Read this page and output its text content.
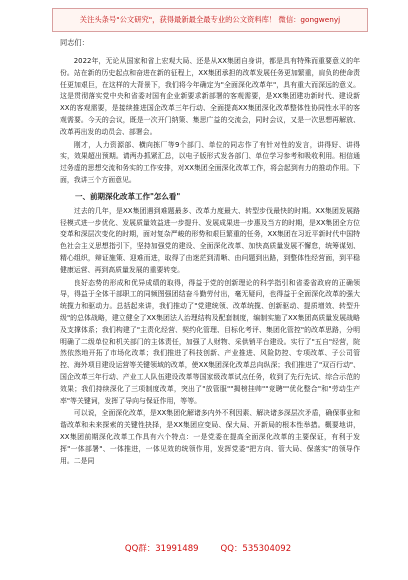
关注头条号"公文研究"，获得最新最全最专业的公文资料库！ 微信：gongwenyj
同志们：

2022年，无论从国家和省上宏观大局、还是从XX集团自身讲，都是具有特殊而重要意义的年份。站在新的历史起点和奋进在新的征程上，XX集团承担的改革发展任务更加繁重，肩负的使命责任更加艰巨，在这样的大背景下，我们将今年确定为"全面深化改革年"，具有重大而深远的意义。这是贯彻落实党中央和省委对国有企业新要求新部署的客观需要，是XX集团建功新时代、建设新XX的客观需要，是接续推进国企改革三年行动、全面提高XX集团深化改革整体性协同性水平的客观需要。今天的会议，既是一次开门纳策、集思广益的交流会，同时会议，又是一次思想再解放、改革再出发的动员会、部署会。

刚才，人力资源部、横向拣厂等9个部门、单位的同志作了有针对性的发言，讲得好、讲得实，效果超出预期。请两办抓紧汇总，以电子版形式发各部门、单位学习参考和吸收利用。相信通过务虚的思想交流和务实的工作安排，对XX集团全面深化改革工作，将会起到有力的推动作用。下面，我讲三个方面意见。

一、前期深化改革工作"怎么看"

过去的几年，是XX集团遇到难题最多、改革力度最大、转型步伐最快的时期。XX集团发展路径模式进一步优化、发展质量效益进一步提升、发展成果进一步惠及当方的时期，是XX集团全方位变革和深层次变化的时期，面对复杂严峻的形势和艰巨繁重的任务，XX集团在习近平新时代中国特色社会主义思想指引下，坚持加强党的建设、全面深化改革、加快高质量发展不懈怠，统筹谋划、精心组织，辩证施策、迎难而进，取得了由迷茫到清晰、由问题到出路，到整体性经营面，到平稳健康运营、再到高质量发展的重要转变。

良好态势的形成和优异成绩的取得，得益于党的创新理论的科学指引和省委省政府的正确领导，得益于全体干部职工的同频图强团结奋斗勤劳付出，毫无疑问，也得益于全面深化改革的强大统揽力和驱动力。总括起来讲，我们推动了"党建统领、改革统揽、创新驱动、提质增效、转型升级"的总体战略，建立健全了XX集团法人治理结构及配套制度，编制实施了XX集团高质量发展战略及支撑体系；我们构建了"主责化经营、契约化管理、目标化考评、集团化管控"的改革思路，分明明确了二级单位和机关部门的主体责任，加强了人财物、采供销平台建设。实行了"五自"经营，院然依然地开拓了市场化改革；我们推进了科技创新、产业推进、风险防控、专项改革、子公司管控、海外项目建设运营等关键领域的改革，使XX集团深化改革总向纵深；我们推进了"双百行动"、国企改革三年行动、产业工人队伍建设改革等国家级改革试点任务，收到了先行先试、综合示范的效果；我们持续深化了三项制度改革，突出了"放管服""揭榜挂帅""竞聘""优化整合"和"劳动生产率"等关键词，发挥了导向与保证作用，等等。

可以说，全面深化改革，是XX集团化解诸多内外不利因素、解决诸多深层次矛盾，确保事业和谐改革和未来探索的关键性抉择，是XX集团应变局、保大局、开新局的根本性举措。概要地讲，XX集团前期深化改革工作具有六个特点：一是党委在提高全面深化改革的主要保证，有利于发挥"一体部署"、一体推进，一体见效的统领作用，发挥党委"把方向、管大局、保落实"的领导作用。二是同

QQ群：31991489	QQ：535304092
